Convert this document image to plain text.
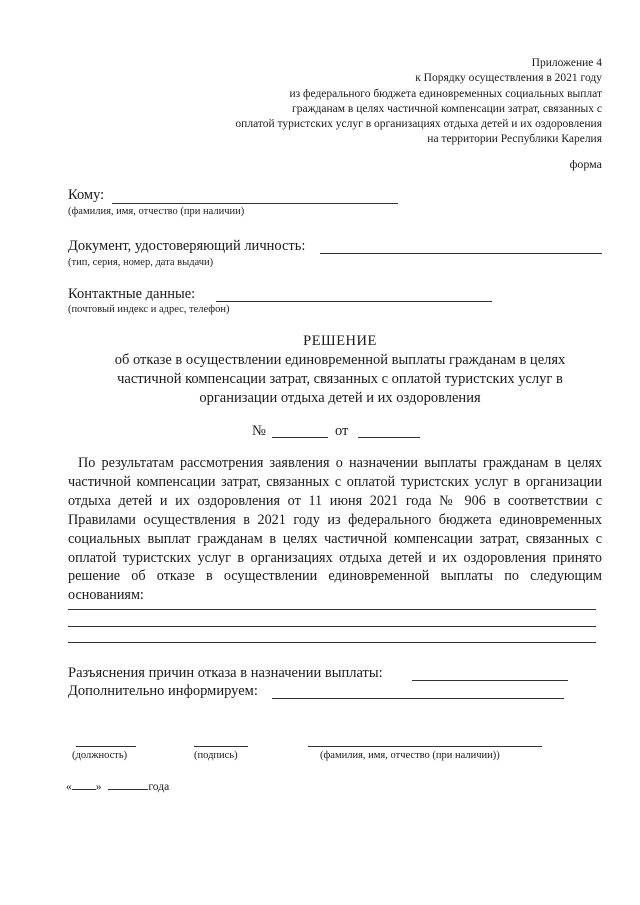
Приложение 4
к Порядку осуществления в 2021 году
из федерального бюджета единовременных социальных выплат
гражданам в целях частичной компенсации затрат, связанных с
оплатой туристских услуг в организациях отдыха детей и их оздоровления
на территории Республики Карелия
форма
Кому:
(фамилия, имя, отчество (при наличии)
Документ, удостоверяющий личность:
(тип, серия, номер, дата выдачи)
Контактные данные:
(почтовый индекс и адрес, телефон)
РЕШЕНИЕ
об отказе в осуществлении единовременной выплаты гражданам в целях
частичной компенсации затрат, связанных с оплатой туристских услуг в
организации отдыха детей и их оздоровления
№	от
По результатам рассмотрения заявления о назначении выплаты гражданам в целях частичной компенсации затрат, связанных с оплатой туристских услуг в организации отдыха детей и их оздоровления от 11 июня 2021 года № 906 в соответствии с Правилами осуществления в 2021 году из федерального бюджета единовременных социальных выплат гражданам в целях частичной компенсации затрат, связанных с оплатой туристских услуг в организациях отдыха детей и их оздоровления принято решение об отказе в осуществлении единовременной выплаты по следующим основаниям:
Разъяснения причин отказа в назначении выплаты:
Дополнительно информируем:
(должность)	(подпись)	(фамилия, имя, отчество (при наличии))
« »	года
